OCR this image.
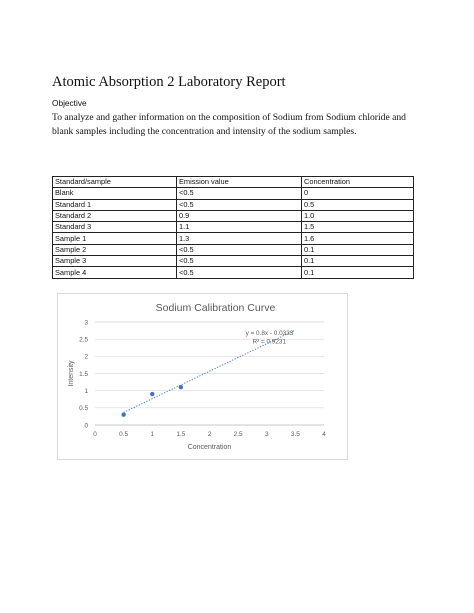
Atomic Absorption 2 Laboratory Report
Objective
To analyze and gather information on the composition of Sodium from Sodium chloride and blank samples including the concentration and intensity of the sodium samples.
Standard/sample	Emission value	Concentration
Blank	<0.5	0
Standard 1	<0.5	0.5
Standard 2	0.9	1.0
Standard 3	1.1	1.5
Sample 1	1.3	1.6
Sample 2	<0.5	0.1
Sample 3	<0.5	0.1
Sample 4	<0.5	0.1
Sodium Calibration Curve
0
0.5
1
1.5
2
2.5
3
0	0.5	1	1.5	2	2.5	3	3.5	4
Concentration
Intensity
y = 0.8x - 0.0333
R² = 0.9231
